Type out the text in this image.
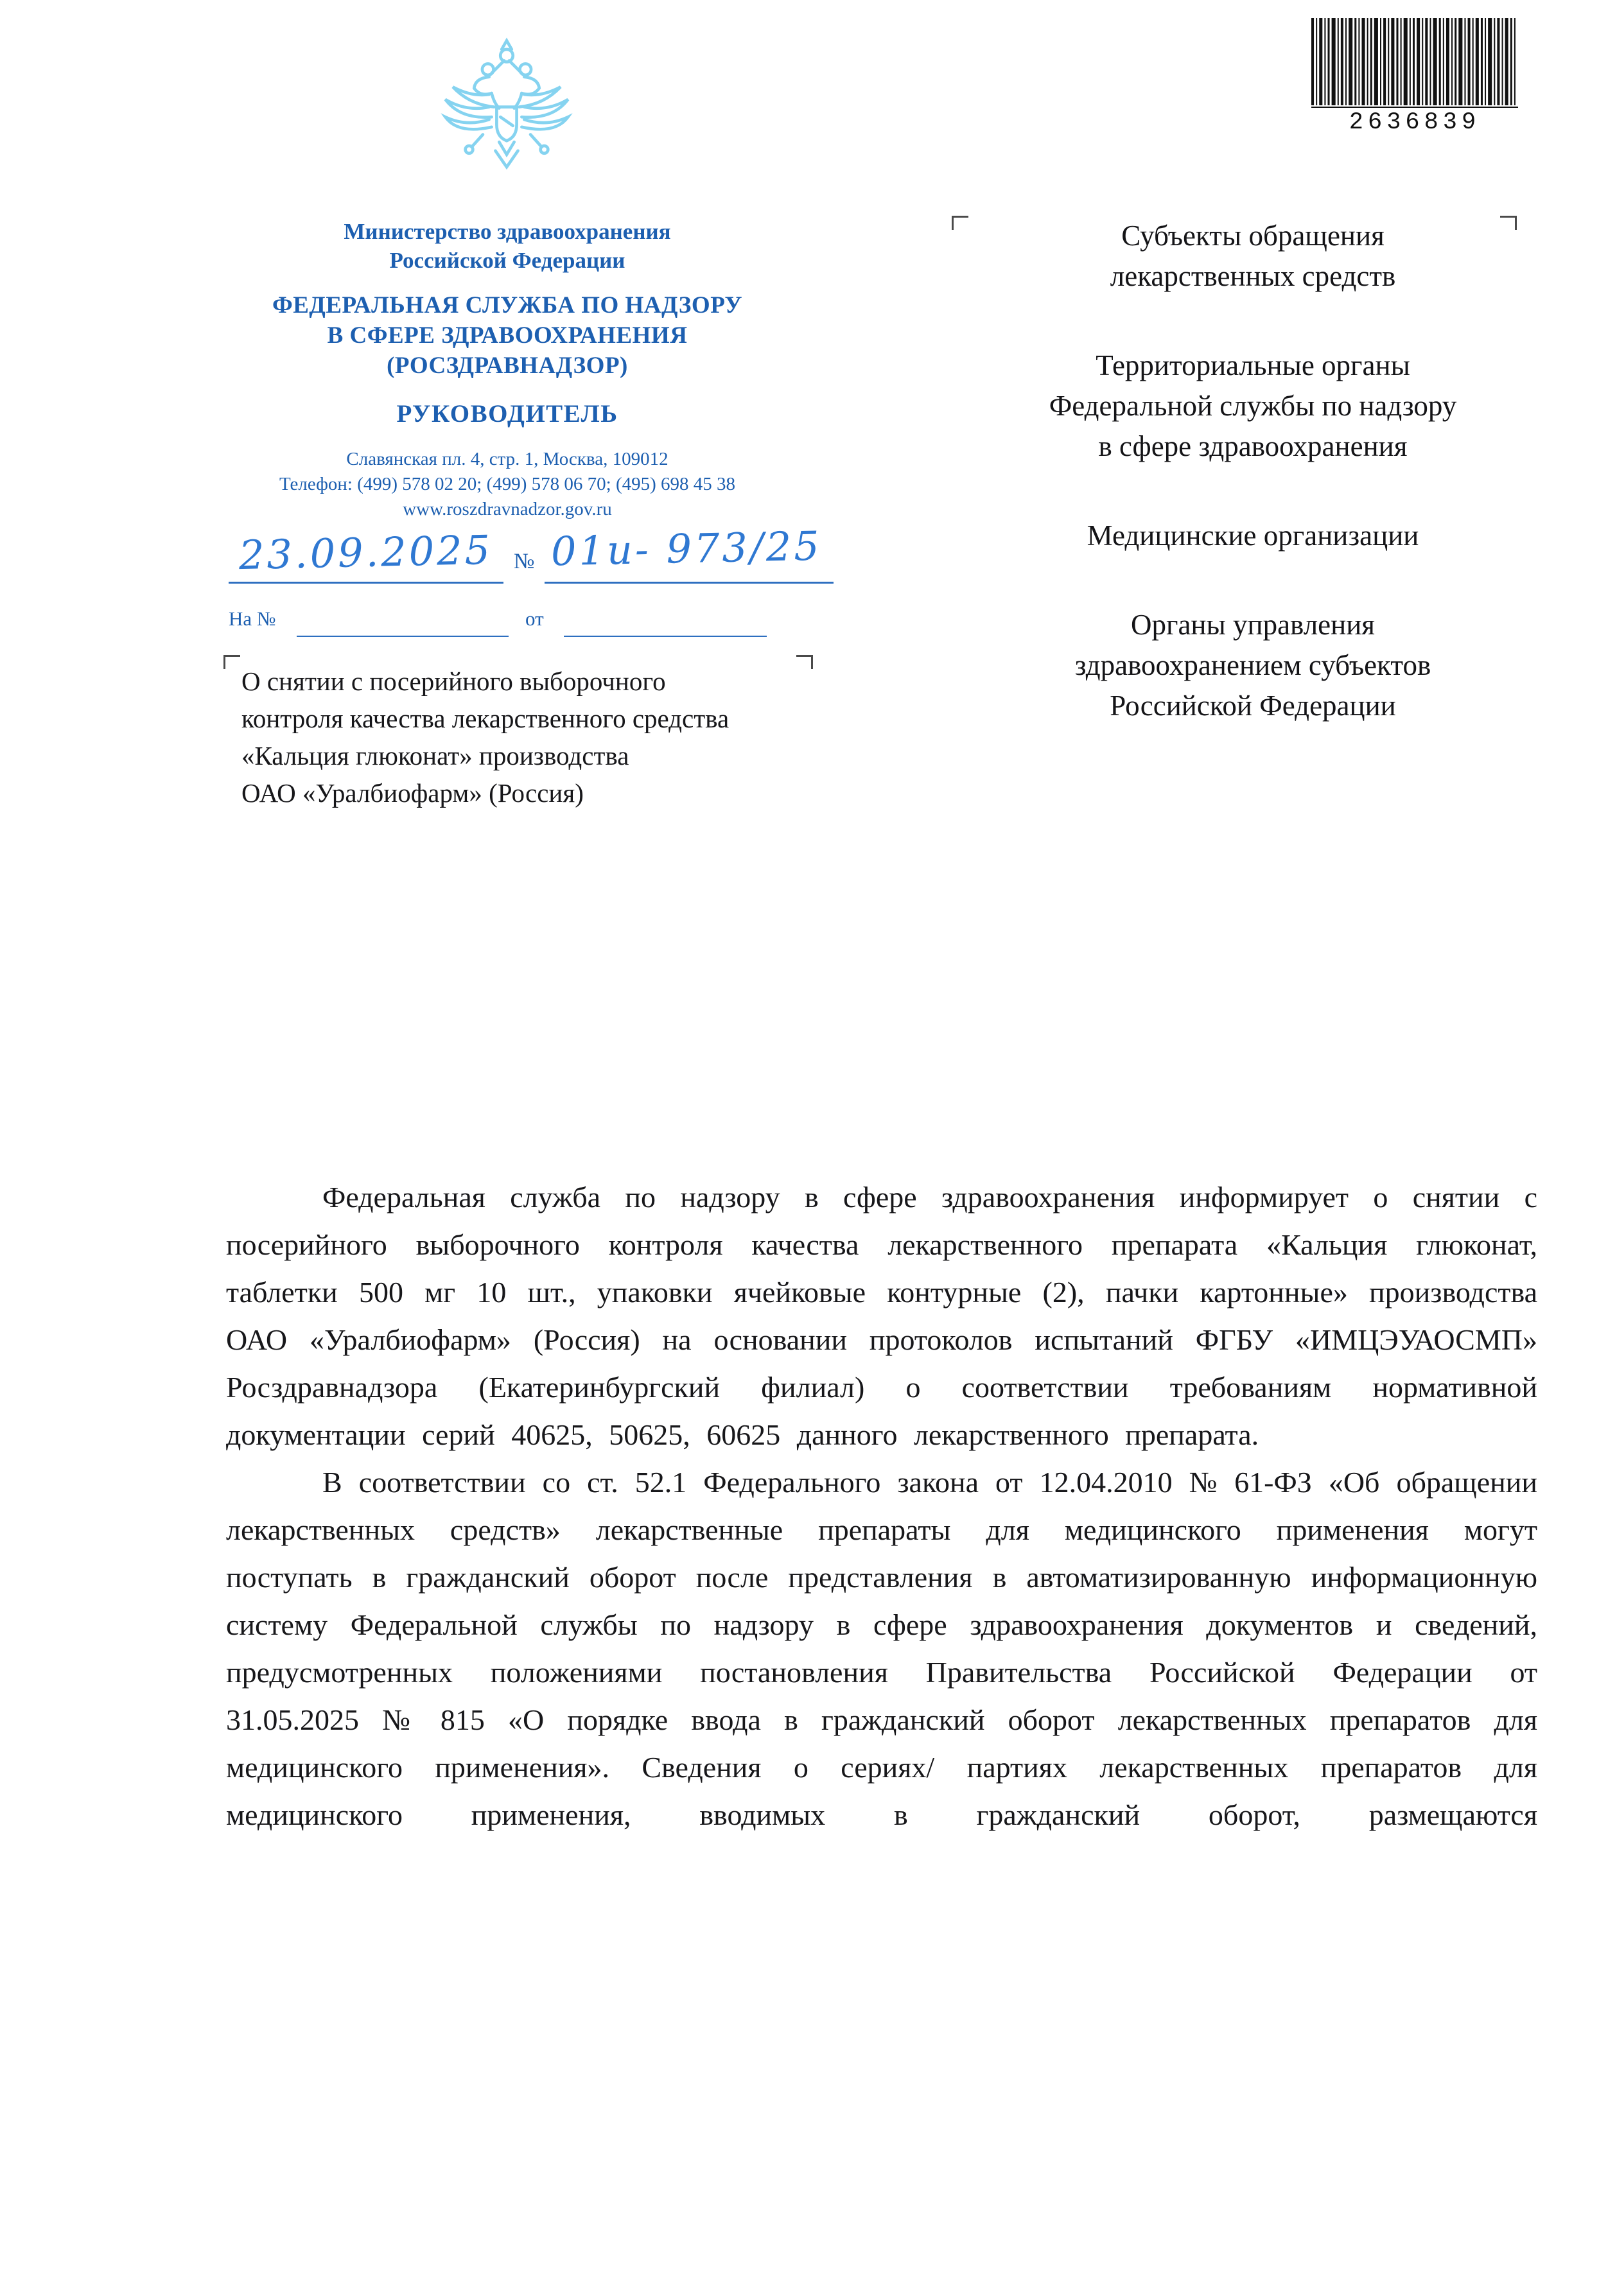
2636839
Министерство здравоохранения
Российской Федерации
ФЕДЕРАЛЬНАЯ СЛУЖБА ПО НАДЗОРУ
В СФЕРЕ ЗДРАВООХРАНЕНИЯ
(РОСЗДРАВНАДЗОР)
РУКОВОДИТЕЛЬ
Славянская пл. 4, стр. 1, Москва, 109012
Телефон: (499) 578 02 20; (499) 578 06 70; (495) 698 45 38
www.roszdravnadzor.gov.ru
23.09.2025 № 01и- 973/25
На №	от
О снятии с посерийного выборочного
контроля качества лекарственного средства
«Кальция глюконат» производства
ОАО «Уралбиофарм» (Россия)
Субъекты обращения
лекарственных средств
Территориальные органы
Федеральной службы по надзору
в сфере здравоохранения
Медицинские организации
Органы управления
здравоохранением субъектов
Российской Федерации

Федеральная служба по надзору в сфере здравоохранения информирует о снятии с посерийного выборочного контроля качества лекарственного препарата «Кальция глюконат, таблетки 500 мг 10 шт., упаковки ячейковые контурные (2), пачки картонные» производства ОАО «Уралбиофарм» (Россия) на основании протоколов испытаний ФГБУ «ИМЦЭУАОСМП» Росздравнадзора (Екатеринбургский филиал) о соответствии требованиям нормативной документации серий 40625, 50625, 60625 данного лекарственного препарата.

В соответствии со ст. 52.1 Федерального закона от 12.04.2010 № 61-ФЗ «Об обращении лекарственных средств» лекарственные препараты для медицинского применения могут поступать в гражданский оборот после представления в автоматизированную информационную систему Федеральной службы по надзору в сфере здравоохранения документов и сведений, предусмотренных положениями постановления Правительства Российской Федерации от 31.05.2025 № 815 «О порядке ввода в гражданский оборот лекарственных препаратов для медицинского применения». Сведения о сериях/ партиях лекарственных препаратов для медицинского применения, вводимых в гражданский оборот, размещаются
